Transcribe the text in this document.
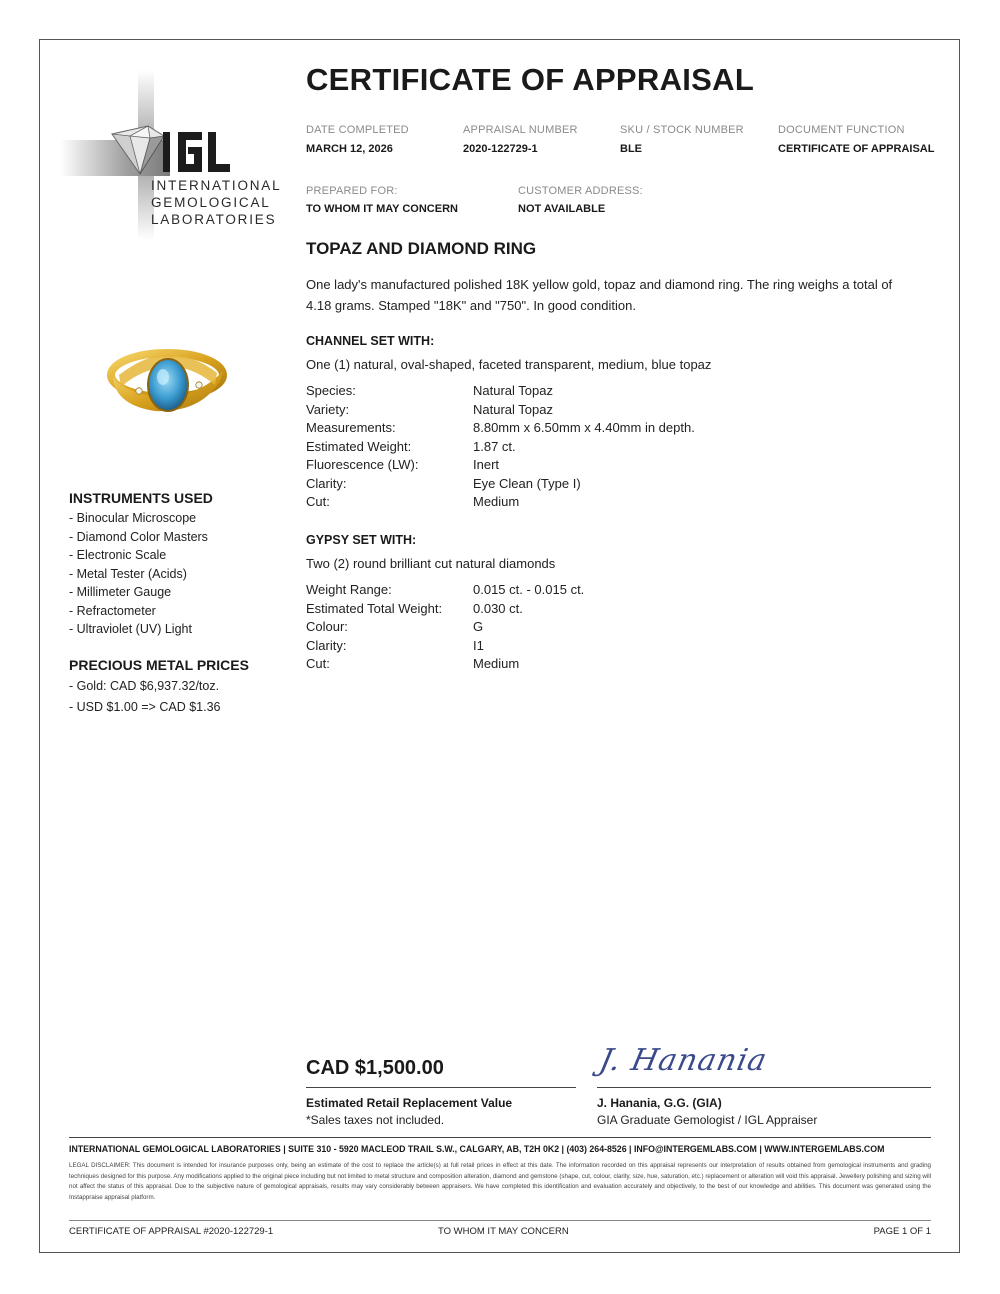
INTERNATIONAL
GEMOLOGICAL
LABORATORIES
CERTIFICATE OF APPRAISAL
DATE COMPLETED
MARCH 12, 2026
APPRAISAL NUMBER
2020-122729-1
SKU / STOCK NUMBER
BLE
DOCUMENT FUNCTION
CERTIFICATE OF APPRAISAL
PREPARED FOR:
TO WHOM IT MAY CONCERN
CUSTOMER ADDRESS:
NOT AVAILABLE
TOPAZ AND DIAMOND RING
One lady's manufactured polished 18K yellow gold, topaz and diamond ring. The ring weighs a total of
4.18 grams. Stamped "18K" and "750". In good condition.
CHANNEL SET WITH:
One (1) natural, oval-shaped, faceted transparent, medium, blue topaz
Species:	Natural Topaz
Variety:	Natural Topaz
Measurements:	8.80mm x 6.50mm x 4.40mm in depth.
Estimated Weight:	1.87 ct.
Fluorescence (LW):	Inert
Clarity:	Eye Clean (Type I)
Cut:	Medium
GYPSY SET WITH:
Two (2) round brilliant cut natural diamonds
Weight Range:	0.015 ct. - 0.015 ct.
Estimated Total Weight: 0.030 ct.
Colour:	G
Clarity:	I1
Cut:	Medium
INSTRUMENTS USED
- Binocular Microscope
- Diamond Color Masters
- Electronic Scale
- Metal Tester (Acids)
- Millimeter Gauge
- Refractometer
- Ultraviolet (UV) Light
PRECIOUS METAL PRICES
- Gold: CAD $6,937.32/toz.
- USD $1.00 => CAD $1.36
CAD $1,500.00
Estimated Retail Replacement Value
*Sales taxes not included.
J. Hanania
J. Hanania, G.G. (GIA)
GIA Graduate Gemologist / IGL Appraiser
INTERNATIONAL GEMOLOGICAL LABORATORIES | SUITE 310 - 5920 MACLEOD TRAIL S.W., CALGARY, AB, T2H 0K2 | (403) 264-8526 | INFO@INTERGEMLABS.COM | WWW.INTERGEMLABS.COM
LEGAL DISCLAIMER: This document is intended for insurance purposes only, being an estimate of the cost to replace the article(s) at full retail prices in effect at this date. The information recorded on this appraisal represents our interpretation of results obtained from gemological instruments and grading techniques designed for this purpose. Any modifications applied to the original piece including but not limited to metal structure and composition alteration, diamond and gemstone (shape, cut, colour, clarity, size, hue, saturation, etc.) replacement or alteration will void this appraisal. Jewellery polishing and sizing will not affect the status of this appraisal. Due to the subjective nature of gemological appraisals, results may vary considerably between appraisers. We have completed this identification and evaluation accurately and objectively, to the best of our knowledge and abilities. This document was generated using the Instappraise appraisal platform.
CERTIFICATE OF APPRAISAL #2020-122729-1	TO WHOM IT MAY CONCERN	PAGE 1 OF 1
